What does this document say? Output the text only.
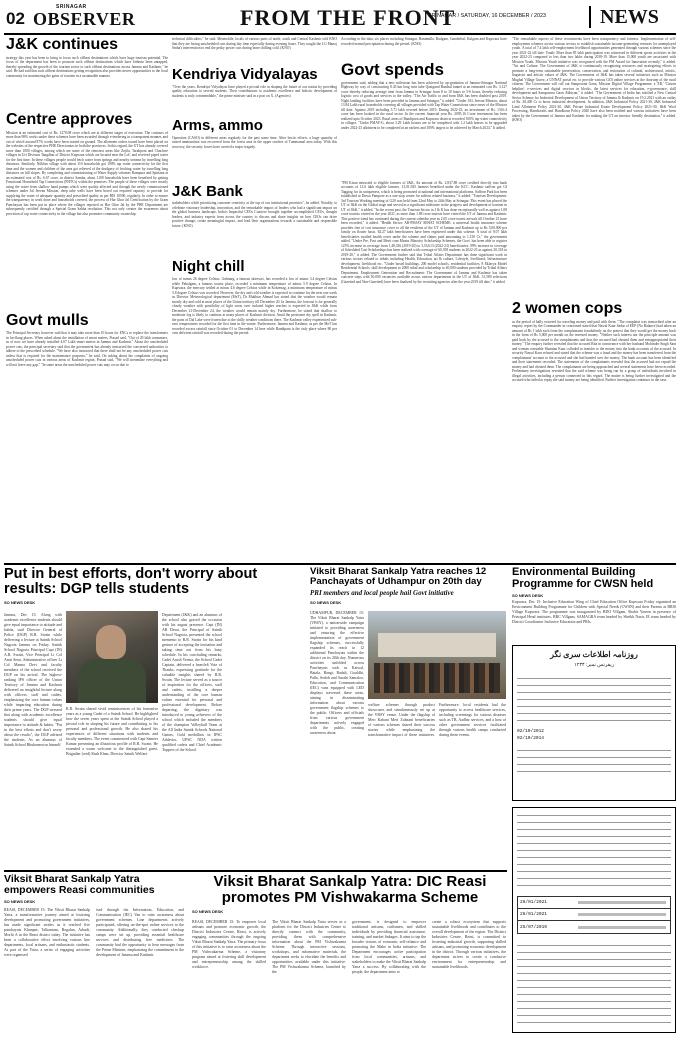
02
SRINAGAR
OBSERVER	FROM THE FRONT
SRINAGAR / SATURDAY, 16 DECEMBER / 2023	NEWS
J&K continues
strategy this year has been to bring to focus such offbeat destinations which have huge tourism potential. The focus of the department has been to promote such offbeat destinations which have hitherto been untapped, thereby spreading the growth of the tourism sector to such offbeat destinations across Jammu and Kashmir," he said. He had said that such offbeat destinations getting recognition also provides newer opportunities to the local community for maximizing the gains of tourism in a sustainable manner.
Centre approves
Mission at an estimated cost of Rs. 1270.08 crore which are at different stages of execution. The contours of more than 98% works under these schemes have been awarded through e-tendering in a transparent manner, and out of which around 87% works have been started on ground. The allotment orders issued have been placed on the websites of the respective PHE Directorates in both the provinces. In this regard, the UT has already covered more than 1000 villages, among which are some of the remotest areas like Zojila, Tarakpora and Chachwe villages in Uri Division Tangdhar of District Kupwara which are located near the LoC and received piped water for the first time. In these villages people would fetch water from springs and nearby streams by travelling long distances. Similarly, Nilkhas village with about 110 households got 100% tap water connectivity for the first time and the women and children of the area got relieved of the drudgery of fetching water by travelling long distances on hill slopes. By completing and commissioning of Water Supply schemes Rampura and Spiriana at an estimated cost of Rs. 6.67 crore, in district Samba, about 1100 households have been benefited by getting Functional Household Tap Connections (FHTCs) within the premises. The people of these villages were mostly using the water from shallow hand pumps which were quality affected and through the newly commissioned schemes under Jal Jeevan Mission, deep tube wells have been bored out required capacity to provide for supplying the water of adequate quantity and prescribed quality as per BIS 10500, regularly. In order to ensure the transparency in work done and households covered, the process of Har Ghar Jal Certification by the Gram Panchayats has been put in place where the villages reported as Har Ghar Jal by the PHE Department are subsequently certified through a Special Gram Sabha resolution. This not only creates the awareness about provision of tap water connectivity in the village but also promotes community ownership.
Govt mulls
The Principal Secretary however said that it may take more than 10 hours for ENCs to replace the transformers in far-flung places. When asked about the installation of smart meters, Prasad said, "Out of 20 lakh consumers, as of now we have already installed 4.07 Lakh smart meters in Jammu and Kashmir." About the unscheduled power cuts, the principal secretary said that the government has already instructed the concerned authorities to adhere to the prescribed schedule. "We have also instructed that there shall not be any unscheduled power cuts unless that is required for the maintenance purposes," he said. On asking about the complaints of ongoing unscheduled power cuts in various areas of Kashmir region, Prasad said, "We will streamline everything and will not leave any gap." "In some areas the unscheduled power cuts may occur due to
technical difficulties," he said. Meanwhile, locals of various parts of north, south and Central Kashmir told KNO that they are facing unscheduled cuts during day time especially during evening hours. They sought the LG Manoj Sinha's intervention to end the pesky power cuts during bone chilling cold. (KNO)
Kendriya Vidyalayas
"Over the years, Kendriya Vidyalayas have played a pivotal role in shaping the future of our nation by providing quality education to several students. Their contributions to academic excellence and holistic development of students is truly commendable," the prime minister said in a post on X. (Agencies)
Arms, ammo
Operation (CASO) in different areas regularly for the past some time. After hectic efforts, a huge quantity of rusted ammunition was recovered from the forest area in the upper reaches of Tummamal area today. With this recovery, the security forces have averted a major tragedy.
J&K Bank
stakeholders while prioritizing customer centricity at the top of our institutional priorities", he added. Notably, to celebrate visionary leadership, innovation, and the remarkable impact of leaders who had a significant impact on the global business landscape, India's Impactful CEOs Coastive brought together accomplished CEOs, thought leaders, and industry experts from across the country to discuss and share insights on how CEOs can drive positive change, create meaningful impact, and lead their organizations towards a sustainable and responsible future. (KNO)
Night chill
low of minus 26 degree Celsius. Gulmarg, a famous skiresort, has recorded a low of minus 3.4 degree Celsius while Pahalgam, a famous tourist place, recorded a minimum temperature of minus 5.9 degree Celsius. In Kupwara, the mercury settled at minus 4.6 degree Celsius while in Kokernag, a minimum temperature of minus 3.8 degree Celsius was recorded. However, the dry and cold weather is expected to continue for the next one week as Director Meteorological department (MeT), Dr Mukhtar Ahmad has stated that the weather would remain mostly dry and cold at most places of the Union territory till December 20. In Jammu, the forecast is for generally cloudy weather with possibility of light snow over isolated higher reaches is expected in J&K while from December 21-December 24, the weather would remain mainly dry. Furthermore, he stated that shallow to moderate fog is likely to continue at many places of Kashmir division. Amid the persistent dry spell in Kashmir, the parts of Dal Lake were frozen due to the chilly weather conditions there. The Kashmir valley experienced sub-zero temperatures recorded for the first time in the winter. Furthermore, Jammu and Kashmir, as per the MeT has recorded excess rainfall since October 01 to December 14 here while Randipara is the only place where 80 per cent deficient rainfall was recorded during the period.
According to the data, six places including Srinagar, Baramulla, Budgam, Ganderbal, Kulgam and Kupwara have recorded normal precipitation during the period. (KNO)
Govt spends
government said, adding that a new milestone has been achieved by up-gradation of Jammu-Srinagar National Highway by way of constructing 8.45 km long twin tube Qazigund Banihal tunnel at an estimated cost Rs. 3,127 crore thereby reducing average time from Jammu to Srinagar from 8 to 10 hours to 5-6 hours, thereby reducing logistic cost of goods and services to the valley. "The Air Traffic to and from J&K has been doubled post 2019. Night landing facilities have been provided in Jammu and Srinagar," it added. "Under JAL Jeevan Mission, about 13.84 Lakh rural households covering all villages provided with Tap Water Connections since onset of the Mission till date. Against 2019 including 5.71 lakh covered before 2019. During 2022-23, an investment of Rs. 1316.4 crore has been booked in the rural sector. In the current financial year Rs. 2095.16 Crore investment has been realized upto October 2023. Rural areas of Bandipora and Kupwara districts recorded 100% tap water connectivity in villages. "Under PMAY-G, about 3.29 Lakh houses are to be completed with 1.2 lakh houses to be upgraded under 2022-23 allotment to be completed at an earliest and 100% targets to be achieved by March 2024." It added.
"PM Kisan entrusted to eligible farmers of J&K. An amount of Rs. 2,837.88 crore credited directly into bank accounts of 12.6 lakh eligible farmers. 13,01,945 farmers benefited under the KCC. Kashmir saffron got GI Tagging for its uniqueness, which is being promoted at national and international platforms. Saffron Park has been established at Dussu Pampore as a one-stop centre for saffron related business," it added. "Tourism Development: 3rd Tourism Working meeting of G20 was held from 22nd May to 24th May at Srinagar. This event has placed the UT of J&K on the Global stage and served as a significant milestone in the progress and development of tourism in UT of J&K," it added. "In the recent past, the Tourism Sector in J & K has done exceptionally well as against 1.08 crore tourists visited in the year 2021, as more than 1.88 crore tourists have visited the UT of Jammu and Kashmir. This positive trend has continued during the current calendar year as 2.05 crore tourist arrivals till October 23 have been recorded," it added. "Health Sector: AB-PMJAY SEHAT SCHEME: a universal health insurance scheme provides free of cost insurance cover to all the residents of the UT of Jammu and Kashmir up to Rs 5,00,000 per family on floater basis. 82.27 lakh beneficiaries have been registered under this scheme. A total of 8.07 lakh beneficiaries availed health cover under the scheme and claims paid amounting to 1,150 Cr," the government added. "Under Pre, Post and Merit cum Means Minority Scholarship Schemes, the Govt. has been able to register 125% increase in coverage from 1,48,336 (2019-20) to 3,33,613 (2022-23) beneficiaries. 99% increase in coverage of Scheduled Cast Scholarships has been realized with coverage of 60,358 students in 2022-23 as against 30,318 in 2019-20," it added. The Government further said that Tribal Affairs Department has done significant work in various sectors related to tribals including Health, Education, art & culture, Lifestyle, livelihood, Infrastructure development, livelihood etc. "Under hostel buildings, 200 model schools, residential facilities, 8 Eklavya Model Residential Schools, skill development to 2000 tribal and scholarship to 40,000 students provided by Tribal Affairs Department. Employment Generation and Recruitment: The Government of Jammu and Kashmir has taken concrete steps with 30,000 vacancies available across various departments in the UT of J&K. 31,580 selections (Gazetted and Non-Gazetted) have been finalized by the recruiting agencies after the year 2019 till date," it added.
"The remarkable aspects of these recruitments have been transparency and fairness. Implementation of self-employment schemes across various sectors to establish sustainable income-generating ventures for unemployed youth. A total of 7.4 lakh self-employment livelihood opportunities generated through various schemes since the year 2021-22 till date. Youth: More than 85 lakh participation was witnessed in different sports activities in the year 2022-23 compared to less than two lakhs during 2018-19. More than 15,000 youth are associated with Mission Youth, Mission Youth initiative was recognized with the PM Award for Innovation recently," it added. "Art and Culture: The Government of J&K is continuously recognizing resources and strategizing efforts to promote a long-term sustainable preservation, conservation, and restoration of cultural, architectural, artistic, linguistic and artistic values of J&K. The Government of J&K has taken several initiatives such as Mission Mughal Village Gurez, a UNNAT portal etc. to provide various GOI online services at the doorstep of the rural citizens. The Government will roll out Sampoorna Gaon, Mission Digital Village Programme, a 'ZR,' 'Citizen helpline', e-services and digital services in blocks, the latest services for education, e-governance, skill development and Sampoorna Gaon Abhiyan," it added. "The Government of India has notified a New Central Sector Scheme for Industrial Development of Union Territory of Jammu & Kashmir on 19.2.2021 with an outlay of Rs. 28,400 Cr to boost industrial development. In addition, J&K Industrial Policy 2021-30, J&K Industrial Land Allotment Policy 2021-30, J&K Private Industrial Estate Development Policy 2021-30, J&K Wool Processing, Handicrafts and Handloom Policy 2020 have also been notified and various initiatives have been taken by the Government of Jammu and Kashmir for making the UT an investor friendly destination," it added. (KNO)
2 women cops
as the period of bally extorted for traveling money and paid with them. "The complaint was transcribed after an enquiry report by the Commander in concerned stated that Nawal Kaur Sadar of EEP (No Balance) had taken an amount of Rs 1 lakh each from the complainants fraudulently on the pretext that they would get the money back in the form of Rs 5,000 per month on the invested money. "Neither such interest nor the principle amount was paid back by the accused to the complainants and thus the accused had cheated them and misappropriated their money." The enquiry further revealed that the accused Rita in connivance with her husband Mohinder Singh Sant and woman constable Shantian Kaur colluded to transfer to the money into the bank accounts of the accused. In security Nawal Kaur refused and stated that the scheme was a fraud and the money has been transferred from the complainants' account to the accused and she had handed over the money. The bank account has been identified and their statements recorded. The statements of the complainants revealed that the accused had not repaid the money and had cheated them. The complainants are being approached and several statements have been recorded. Preliminary investigations revealed that the said scheme was being run by a group of individuals involved in illegal activities, including a person connected in this regard. The matter is being further investigated and the accused who failed to repay the said money are being identified. Further investigation continues in the case.
Put in best efforts, don't worry about results: DGP tells students
SO NEWS DESK
Jammu, Dec 15: Along with academic excellence students should give equal importance to attitude and habits, said Director General of Police (DGP) R.R. Swain while delivering a lecture at Sainik School Nagrota Jammu on Friday. Sainik School Nagrota Principal Capt (IN) A.R. Swain, Vice Principal Lt Col Amit Setai, Administrative officer Lt Col Manna Devi and faculty members of the school received the DGP on his arrival. The highest-ranking IPS officer of the Union Territory of Jammu and Kashmir delivered an insightful lecture along with officers, staff and cadets, emphasizing the core human values while imparting education during their prime years. The DGP stressed that along with academic excellence students should give equal importance to attitude & habits. "Put in the best efforts and don't worry about the results", the DGP advised the students. As an alumnus of Sainik School Bhubaneswar himself.
R.R. Swain shared vivid reminiscences of his formative years as a young Cadet of a Sainik School. He highlighted how the seven years spent at the Sainik School played a pivotal role in shaping his future and contributing to his personal and professional growth. He also shared his experiences of different situations with students and faculty members. The event commenced with Capt Sameer Kumar presenting an illustrious profile of R.R. Swain. He extended a warm welcome to the distinguished guest. Brigadier (retd) Shah Khan, Director Sainik Welfare
Department (J&K) and an alumnus of the school also graced the occasion with his august presence. Capt (IN) AR Desai, the Principal of Sainik School Nagrota, presented the school memento to R.R. Swain for his kind gesture of accepting the invitation and taking time out from his busy schedule. In his concluding remarks, Cadet Arush Verma, the School Cadet Captain, delivered a heartfelt Vote of Thanks, expressing gratitude for the valuable insights shared by R.R. Swain. The lecture served as a source of inspiration for the officers, staff and cadets, instilling a deeper understanding of the core human values essential for personal and professional development. Before departing, the dignitary was introduced to young achievers of the school which included the members of the champion Volleyball Team at the All India Sainik Schools National Games, Gold medallists in IPSC Athletics, UPSC NDA written qualified cadets and Chief Academic Toppers of the School.
Viksit Bharat Sankalp Yatra reaches 12 Panchayats of Udhampur on 20th day
PRI members and local people hail Govt initiative
SO NEWS DESK
UDHAMPUR, DECEMBER 15: The Viksit Bharat Sankalp Yatra (VBSY), a nationwide campaign initiated to providing awareness and ensuring the effective implementation of government flagship schemes, successfully expanded its reach to 12 additional Panchayats within the district on its 20th day. Numerous activities unfolded across Panchayats such as Katwal, Batala, Bangi, Badali, Gouldhi, Palla, Sedoh and Surahi Samaloo, Education, and Communication (IEC) vans equipped with LED displays traversed these areas, aiming in disseminating information about various government flagship schemes to the public. Officers and officials from various government departments actively engaged with the public, creating awareness about
welfare schemes through product showcases and simultaneously set up at the VBSY venue. Under the flagship of Meri Kahani Meri Zubaani beneficiaries of various schemes shared their success stories while emphasizing the transformative impact of these initiatives. Furthermore, local residents had the opportunity to access healthcare services, including screenings for various diseases such as TB, Aadhar services, and a host of other government services facilitated through various health camps conducted during these events.
Environmental Building Programme for CWSN held
SO NEWS DESK
Kupwara, Dec 15: Inclusive Education Wing of Chief Education Office Kupwara Friday organised an Environment Building Programme for Children with Special Needs (CWSN) and their Parents at BRIS Village Kupwara. The programme was inaugurated by BDO Villgam, Shabir Yaseen in presence of Principal Head institutes, BRC Villgam, SAMAGRA team headed by Sheikh Nazir, IE team headed by District Coordinator Inclusive Education and PRIs.
روزنامہ اطلاعات سری نگر
ریفرنس نمبر: ۱۲۳۴
02/10/2012
02/10/2014
26/01/2021
26/01/2021
25/07/2019
Viksit Bharat Sankalp Yatra empowers Reasi communities
SO NEWS DESK
REASI, DECEMBER 15: The Viksit Bharat Sankalp Yatra, a transformative journey aimed at fostering development and promoting government initiatives, has made significant strides as it reached five panchayats Khanpur, Talkantam, Bogalan, Arbadi, Morhi A in the Reasi district today. The initiative has been a collaborative effort involving various line departments, local artisans, and enthusiastic students. As part of the Yatra, a series of engaging activities were organised
ised through the Information, Education, and Communication (IEC) Van to raise awareness about government schemes. Line departments actively participated, offering on-the-spot online services to the community. Additionally, they conducted checkup camps were set up, providing essential healthcare services and distributing free medicines. The community had the opportunity to hear messages from the Prime Minister, emphasizing the commitment to the development of Jammu and Kashmir.
Viksit Bharat Sankalp Yatra: DIC Reasi promotes PM Vishwakarma Scheme
SO NEWS DESK
REASI, DECEMBER 15: To empower local artisans and promote economic growth, the District Industries Centre, Reasi, is actively engaging communities through the ongoing Viksit Bharat Sankalp Yatra. The primary focus of this initiative is to raise awareness about the PM Vishwakarma Scheme, a visionary program aimed at fostering skill development and entrepreneurship among the skilled workforce.
The Viksit Bharat Sankalp Yatra serves as a platform for the District Industries Centre to directly connect with the community, providing them with comprehensive information about the PM Vishwakarma Scheme. Through interactive sessions, workshops, and informative materials, the department seeks to elucidate the benefits and opportunities available under this initiative. The PM Vishwakarma Scheme, launched by the
government, is designed to empower traditional artisans, craftsmen, and skilled individuals by providing financial assistance, training, and market linkages. It aims to tap the broader visions of economic self-reliance and promoting the Make in India initiative. The Department encourages active participation from local communities, artisans, and stakeholders to make the Viksit Bharat Sankalp Yatra a success. By collaborating with the people, the department aims to
create a robust ecosystem that supports sustainable livelihoods and contributes to the overall development of the region. The District Industries Centre, Reasi, is committed to fostering industrial growth, supporting skilled artisans, and promoting economic development in the district. Through various initiatives, the department strives to create a conducive environment for entrepreneurship and sustainable livelihoods.
